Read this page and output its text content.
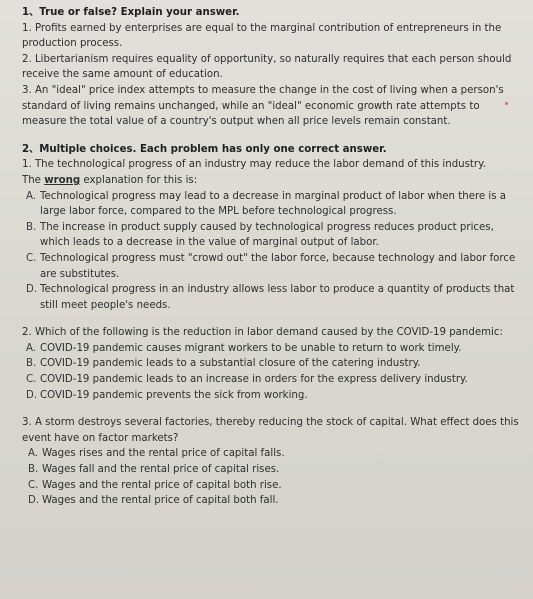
1、True or false? Explain your answer.
1. Profits earned by enterprises are equal to the marginal contribution of entrepreneurs in the production process.
2. Libertarianism requires equality of opportunity, so naturally requires that each person should receive the same amount of education.
3. An "ideal" price index attempts to measure the change in the cost of living when a person's standard of living remains unchanged, while an "ideal" economic growth rate attempts to measure the total value of a country's output when all price levels remain constant.
2、Multiple choices. Each problem has only one correct answer.
1. The technological progress of an industry may reduce the labor demand of this industry.
The wrong explanation for this is:
A. Technological progress may lead to a decrease in marginal product of labor when there is a large labor force, compared to the MPL before technological progress.
B. The increase in product supply caused by technological progress reduces product prices, which leads to a decrease in the value of marginal output of labor.
C. Technological progress must "crowd out" the labor force, because technology and labor force are substitutes.
D. Technological progress in an industry allows less labor to produce a quantity of products that still meet people's needs.
2. Which of the following is the reduction in labor demand caused by the COVID-19 pandemic:
A. COVID-19 pandemic causes migrant workers to be unable to return to work timely.
B. COVID-19 pandemic leads to a substantial closure of the catering industry.
C. COVID-19 pandemic leads to an increase in orders for the express delivery industry.
D. COVID-19 pandemic prevents the sick from working.
3. A storm destroys several factories, thereby reducing the stock of capital. What effect does this event have on factor markets?
A. Wages rises and the rental price of capital falls.
B. Wages fall and the rental price of capital rises.
C. Wages and the rental price of capital both rise.
D. Wages and the rental price of capital both fall.
